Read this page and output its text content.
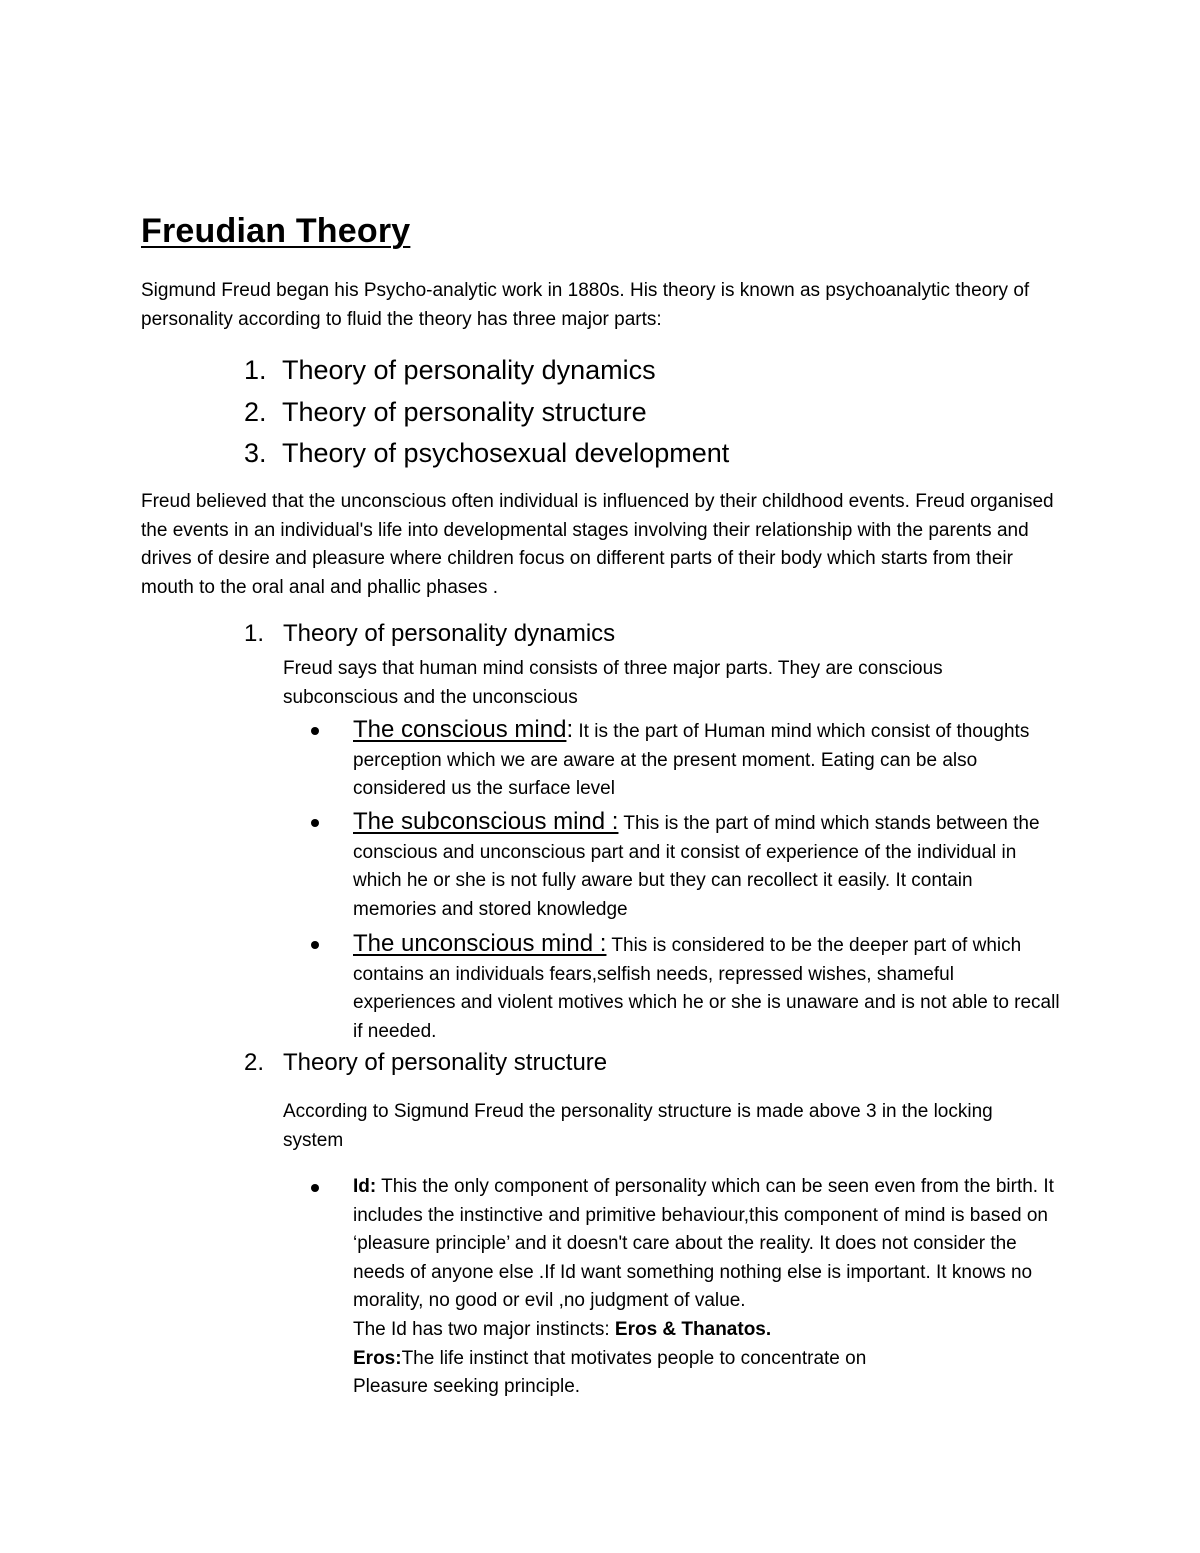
Freudian Theory
Sigmund Freud began his Psycho-analytic work in 1880s. His theory is known as psychoanalytic theory of personality according to fluid the theory has three major parts:
1. Theory of personality dynamics
2. Theory of personality structure
3. Theory of psychosexual development
Freud believed that the unconscious often individual is influenced by their childhood events. Freud organised the events in an individual's life into developmental stages involving their relationship with the parents and drives of desire and pleasure where children focus on different parts of their body which starts from their mouth to the oral anal and phallic phases .
1. Theory of personality dynamics
Freud says that human mind consists of three major parts. They are conscious subconscious and the unconscious
The conscious mind: It is the part of Human mind which consist of thoughts perception which we are aware at the present moment. Eating can be also considered us the surface level
The subconscious mind : This is the part of mind which stands between the conscious and unconscious part and it consist of experience of the individual in which he or she is not fully aware but they can recollect it easily. It contain memories and stored knowledge
The unconscious mind : This is considered to be the deeper part of which contains an individuals fears,selfish needs, repressed wishes, shameful experiences and violent motives which he or she is unaware and is not able to recall if needed.
2. Theory of personality structure
According to Sigmund Freud the personality structure is made above 3 in the locking system
Id: This the only component of personality which can be seen even from the birth. It includes the instinctive and primitive behaviour,this component of mind is based on ‘pleasure principle’ and it doesn't care about the reality. It does not consider the needs of anyone else .If Id want something nothing else is important. It knows no morality, no good or evil ,no judgment of value.
The Id has two major instincts: Eros & Thanatos.
Eros:The life instinct that motivates people to concentrate on
Pleasure seeking principle.
